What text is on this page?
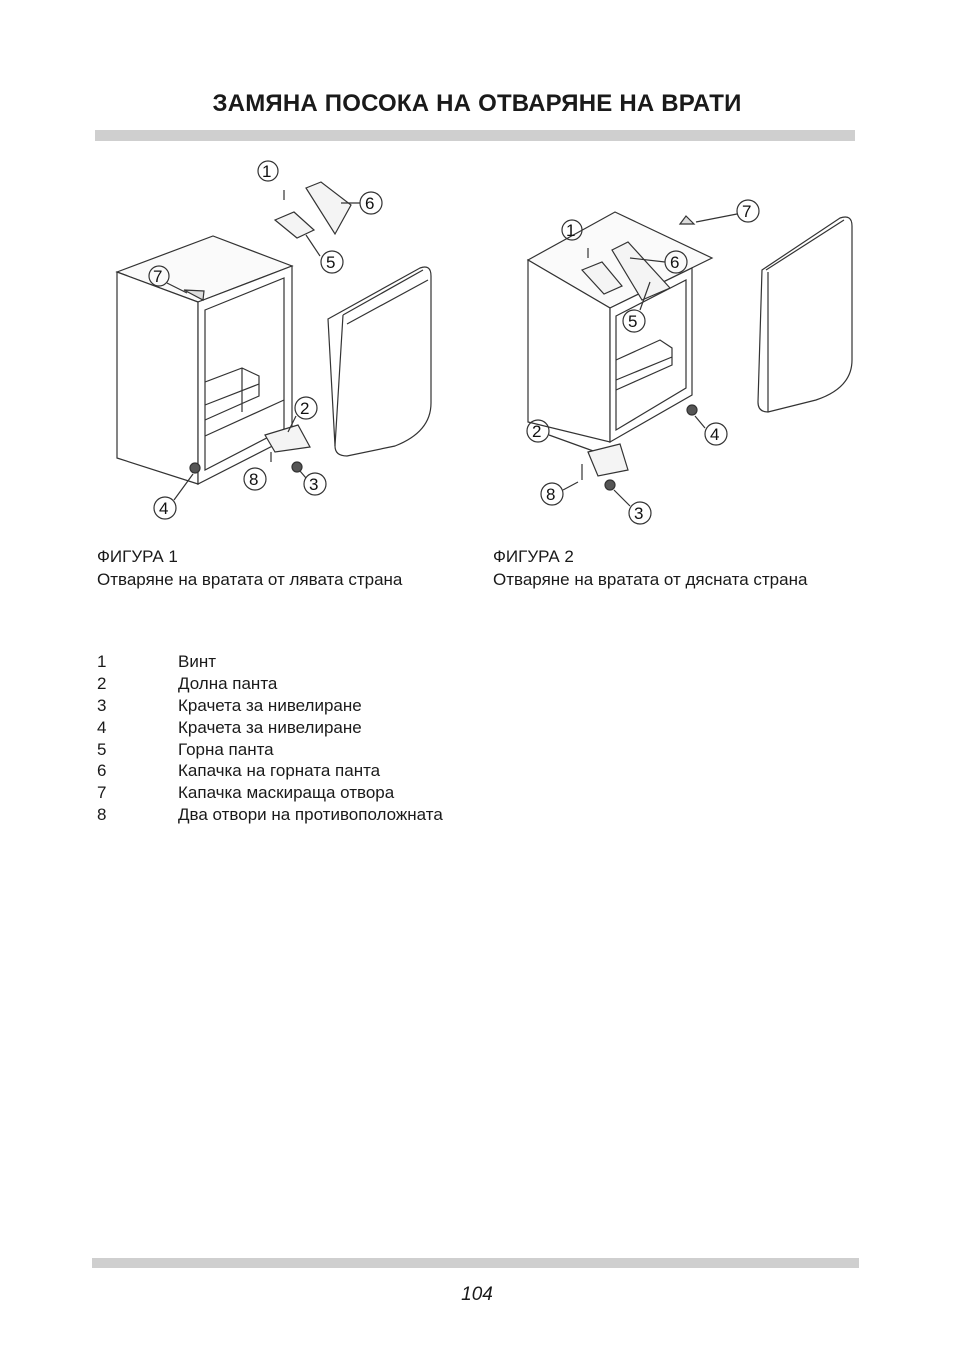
ЗАМЯНА ПОСОКА НА ОТВАРЯНЕ НА ВРАТИ
7
4
1
5
6
2
8	3
1
6
5
7
4
2
8
3
ФИГУРА 1
Отваряне на вратата от лявата страна
ФИГУРА 2
Отваряне на вратата от дясната страна
1	Винт
2	Долна панта
3	Крачета за нивелиране
4	Крачета за нивелиране
5	Горна панта
6	Капачка на горната панта
7	Капачка маскираща отвора
8	Два отвори на противоположната
104
